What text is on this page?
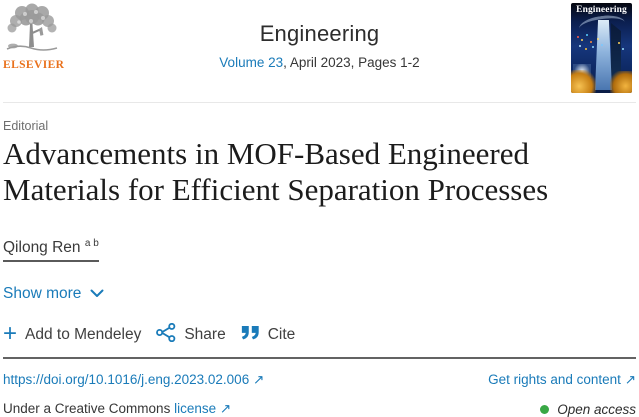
ELSEVIER
Engineering
Volume 23, April 2023, Pages 1-2
Engineering
Editorial
Advancements in MOF-Based Engineered
Materials for Efficient Separation Processes
Qilong Ren $^{a b}$
Show more
+ Add to Mendeley	Share	Cite
https://doi.org/10.1016/j.eng.2023.02.006 ↗	Get rights and content ↗
Under a Creative Commons license ↗	Open access
